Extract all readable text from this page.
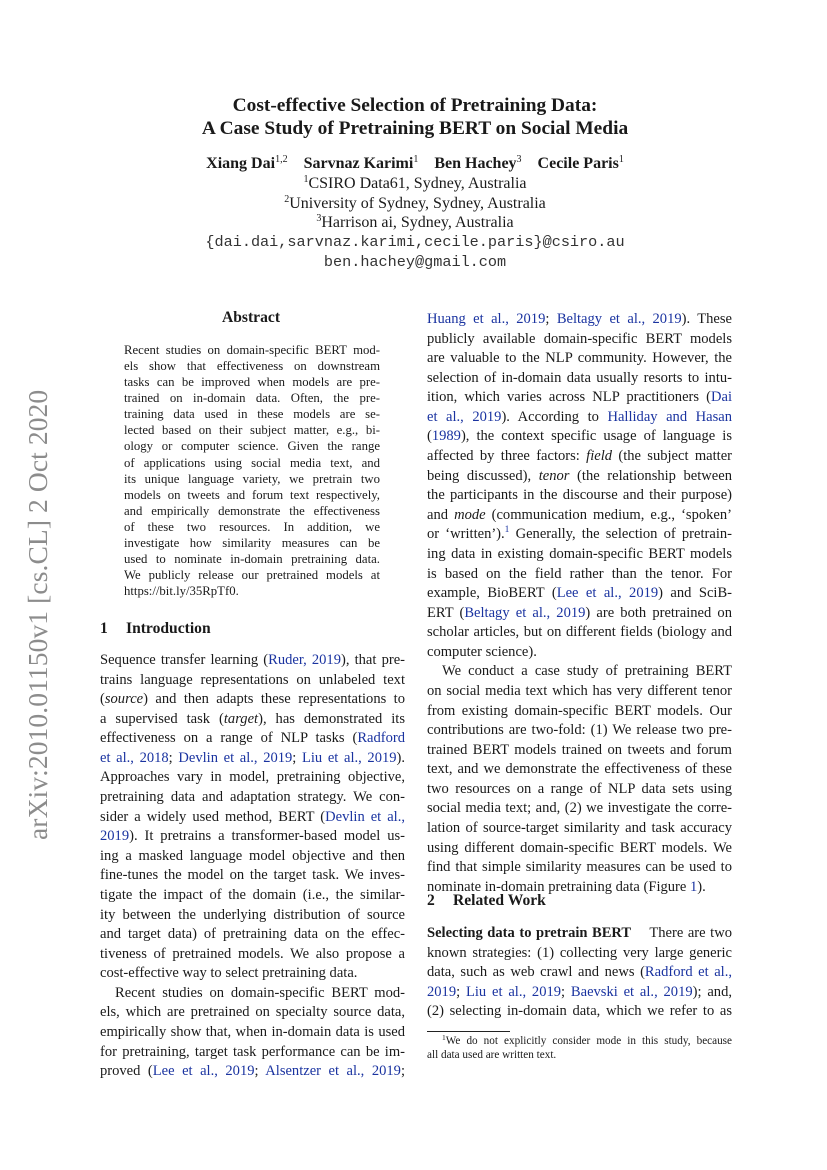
arXiv:2010.01150v1 [cs.CL] 2 Oct 2020
Cost-effective Selection of Pretraining Data:
A Case Study of Pretraining BERT on Social Media
Xiang Dai$^{1,2}$ Sarvnaz Karimi$^1$ Ben Hachey$^3$ Cecile Paris$^1$
$^1$CSIRO Data61, Sydney, Australia
$^2$University of Sydney, Sydney, Australia
$^3$Harrison ai, Sydney, Australia
{dai.dai,sarvnaz.karimi,cecile.paris}@csiro.au
ben.hachey@gmail.com
Abstract
Recent studies on domain-specific BERT mod-
els show that effectiveness on downstream
tasks can be improved when models are pre-
trained on in-domain data. Often, the pre-
training data used in these models are se-
lected based on their subject matter, e.g., bi-
ology or computer science. Given the range
of applications using social media text, and
its unique language variety, we pretrain two
models on tweets and forum text respectively,
and empirically demonstrate the effectiveness
of these two resources. In addition, we
investigate how similarity measures can be
used to nominate in-domain pretraining data.
We publicly release our pretrained models at
https://bit.ly/35RpTf0.
1 Introduction
Sequence transfer learning (Ruder, 2019), that pre-
trains language representations on unlabeled text
(source) and then adapts these representations to
a supervised task (target), has demonstrated its
effectiveness on a range of NLP tasks (Radford
et al., 2018; Devlin et al., 2019; Liu et al., 2019).
Approaches vary in model, pretraining objective,
pretraining data and adaptation strategy. We con-
sider a widely used method, BERT (Devlin et al.,
2019). It pretrains a transformer-based model us-
ing a masked language model objective and then
fine-tunes the model on the target task. We inves-
tigate the impact of the domain (i.e., the similar-
ity between the underlying distribution of source
and target data) of pretraining data on the effec-
tiveness of pretrained models. We also propose a
cost-effective way to select pretraining data.
Recent studies on domain-specific BERT mod-
els, which are pretrained on specialty source data,
empirically show that, when in-domain data is used
for pretraining, target task performance can be im-
proved (Lee et al., 2019; Alsentzer et al., 2019;
Huang et al., 2019; Beltagy et al., 2019). These
publicly available domain-specific BERT models
are valuable to the NLP community. However, the
selection of in-domain data usually resorts to intu-
ition, which varies across NLP practitioners (Dai
et al., 2019). According to Halliday and Hasan
(1989), the context specific usage of language is
affected by three factors: field (the subject matter
being discussed), tenor (the relationship between
the participants in the discourse and their purpose)
and mode (communication medium, e.g., ‘spoken’
or ‘written’).$^1$ Generally, the selection of pretrain-
ing data in existing domain-specific BERT models
is based on the field rather than the tenor. For
example, BioBERT (Lee et al., 2019) and SciB-
ERT (Beltagy et al., 2019) are both pretrained on
scholar articles, but on different fields (biology and
computer science).
We conduct a case study of pretraining BERT
on social media text which has very different tenor
from existing domain-specific BERT models. Our
contributions are two-fold: (1) We release two pre-
trained BERT models trained on tweets and forum
text, and we demonstrate the effectiveness of these
two resources on a range of NLP data sets using
social media text; and, (2) we investigate the corre-
lation of source-target similarity and task accuracy
using different domain-specific BERT models. We
find that simple similarity measures can be used to
nominate in-domain pretraining data (Figure 1).
2 Related Work
Selecting data to pretrain BERT There are two
known strategies: (1) collecting very large generic
data, such as web crawl and news (Radford et al.,
2019; Liu et al., 2019; Baevski et al., 2019); and,
(2) selecting in-domain data, which we refer to as
$^1$We do not explicitly consider mode in this study, because
all data used are written text.
